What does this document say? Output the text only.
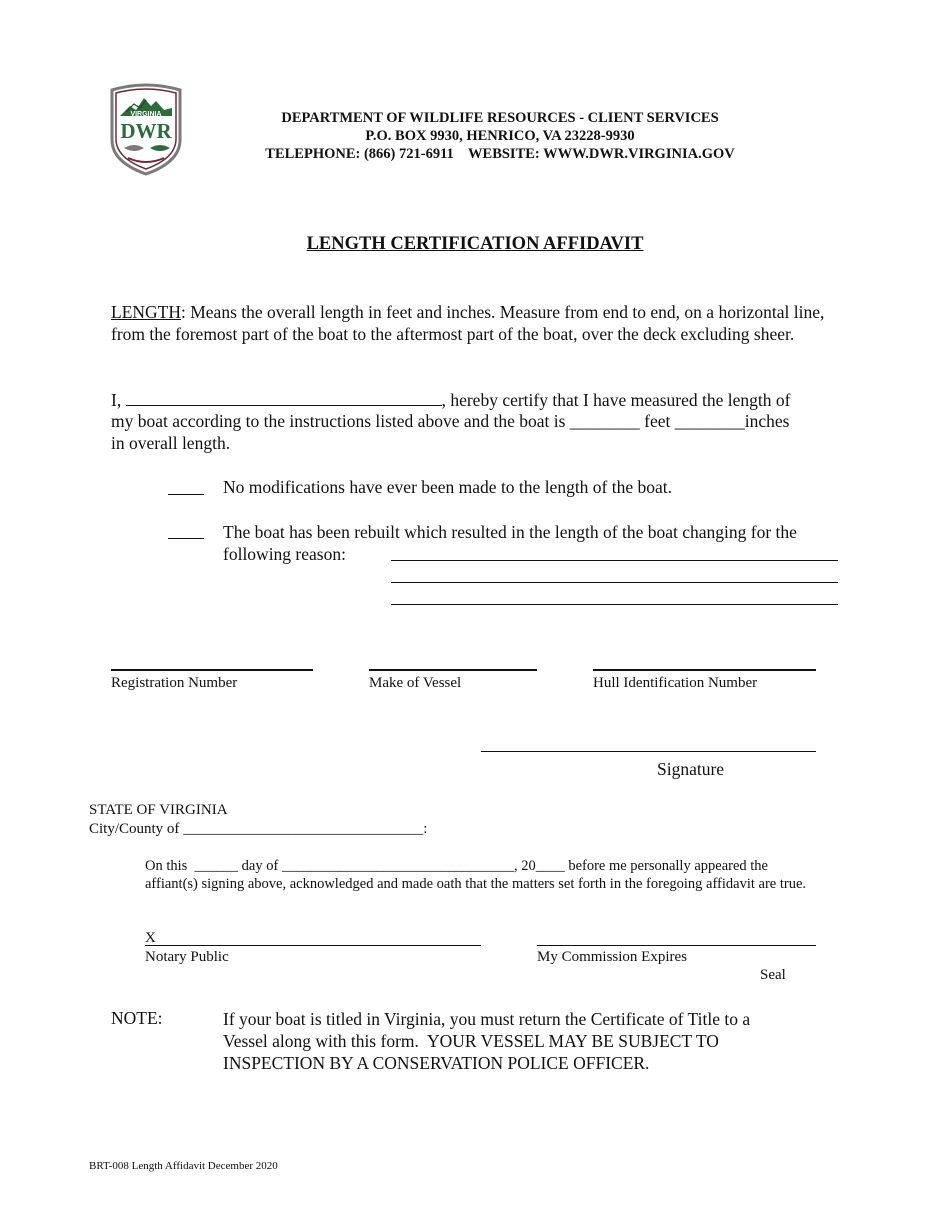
VIRGINIA
DWR
DEPARTMENT OF WILDLIFE RESOURCES - CLIENT SERVICES
P.O. BOX 9930, HENRICO, VA 23228-9930
TELEPHONE: (866) 721-6911    WEBSITE: WWW.DWR.VIRGINIA.GOV
LENGTH CERTIFICATION AFFIDAVIT
LENGTH: Means the overall length in feet and inches. Measure from end to end, on a horizontal line, from the foremost part of the boat to the aftermost part of the boat, over the deck excluding sheer.
I,	, hereby certify that I have measured the length of
my boat according to the instructions listed above and the boat is ________ feet ________inches
in overall length.
No modifications have ever been made to the length of the boat.
The boat has been rebuilt which resulted in the length of the boat changing for the
following reason:
Registration Number	Make of Vessel	Hull Identification Number
Signature
STATE OF VIRGINIA
City/County of ________________________________:
On this  ______ day of ________________________________, 20____ before me personally appeared the
affiant(s) signing above, acknowledged and made oath that the matters set forth in the foregoing affidavit are true.
X
Notary Public	My Commission Expires
Seal
NOTE:	If your boat is titled in Virginia, you must return the Certificate of Title to a
Vessel along with this form.  YOUR VESSEL MAY BE SUBJECT TO
INSPECTION BY A CONSERVATION POLICE OFFICER.
BRT-008 Length Affidavit December 2020
